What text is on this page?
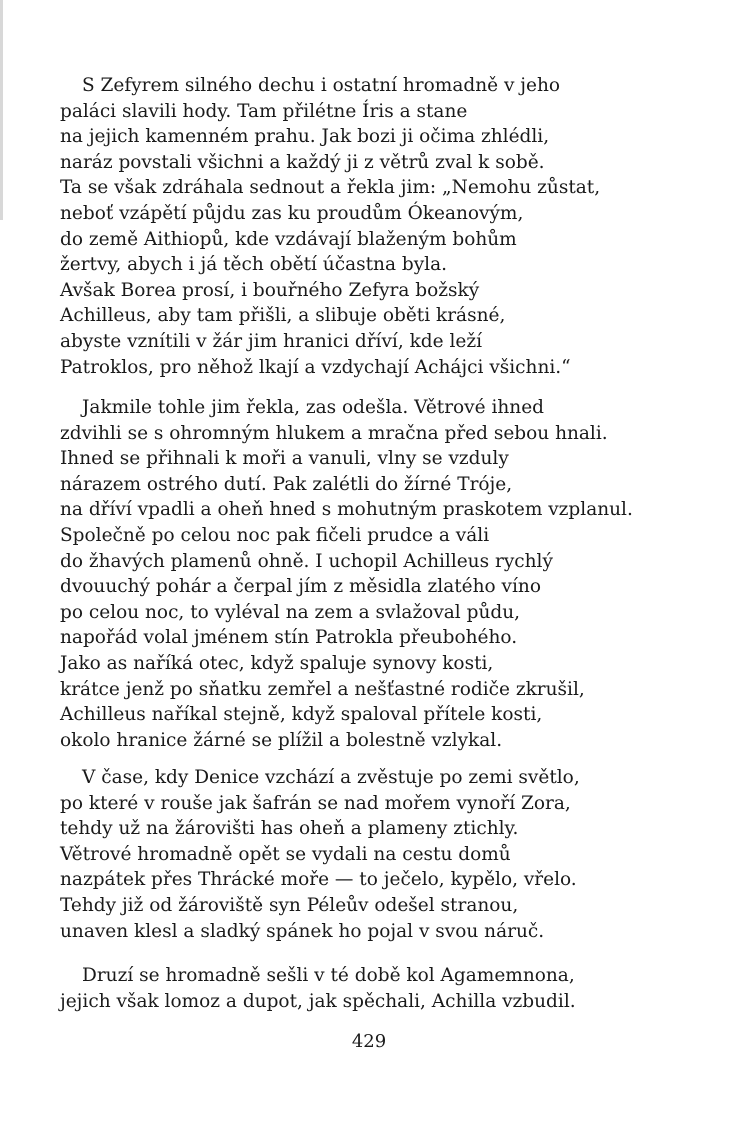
S Zefyrem silného dechu i ostatní hromadně v jeho
paláci slavili hody. Tam přilétne Íris a stane
na jejich kamenném prahu. Jak bozi ji očima zhlédli,
naráz povstali všichni a každý ji z větrů zval k sobě.
Ta se však zdráhala sednout a řekla jim: „Nemohu zůstat,
neboť vzápětí půjdu zas ku proudům Ókeanovým,
do země Aithiopů, kde vzdávají blaženým bohům
žertvy, abych i já těch obětí účastna byla.
Avšak Borea prosí, i bouřného Zefyra božský
Achilleus, aby tam přišli, a slibuje oběti krásné,
abyste vznítili v žár jim hranici dříví, kde leží
Patroklos, pro něhož lkají a vzdychají Achájci všichni.“
Jakmile tohle jim řekla, zas odešla. Větrové ihned
zdvihli se s ohromným hlukem a mračna před sebou hnali.
Ihned se přihnali k moři a vanuli, vlny se vzduly
nárazem ostrého dutí. Pak zalétli do žírné Tróje,
na dříví vpadli a oheň hned s mohutným praskotem vzplanul.
Společně po celou noc pak fičeli prudce a váli
do žhavých plamenů ohně. I uchopil Achilleus rychlý
dvouuchý pohár a čerpal jím z měsidla zlatého víno
po celou noc, to vyléval na zem a svlažoval půdu,
napořád volal jménem stín Patrokla přeubohého.
Jako as naříká otec, když spaluje synovy kosti,
krátce jenž po sňatku zemřel a nešťastné rodiče zkrušil,
Achilleus naříkal stejně, když spaloval přítele kosti,
okolo hranice žárné se plížil a bolestně vzlykal.
V čase, kdy Denice vzchází a zvěstuje po zemi světlo,
po které v rouše jak šafrán se nad mořem vynoří Zora,
tehdy už na žárovišti has oheň a plameny ztichly.
Větrové hromadně opět se vydali na cestu domů
nazpátek přes Thrácké moře — to ječelo, kypělo, vřelo.
Tehdy již od žároviště syn Péleův odešel stranou,
unaven klesl a sladký spánek ho pojal v svou náruč.
Druzí se hromadně sešli v té době kol Agamemnona,
jejich však lomoz a dupot, jak spěchali, Achilla vzbudil.
429
